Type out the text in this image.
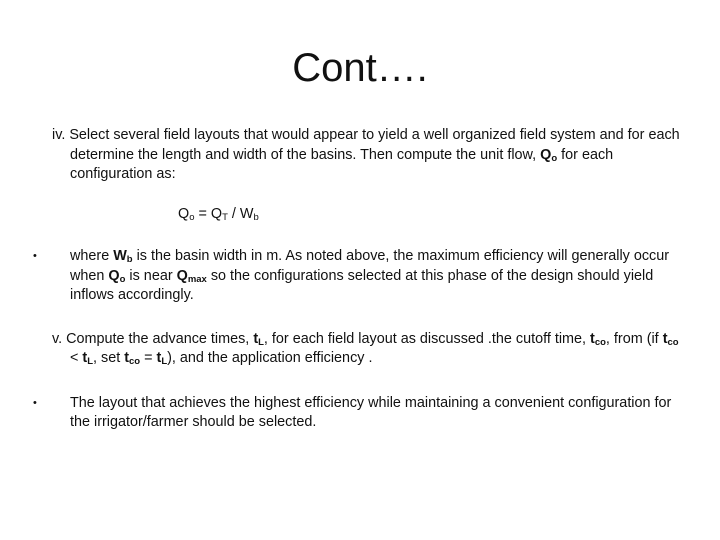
Cont….

iv. Select several field layouts that would appear to yield a well organized field system and for each determine the length and width of the basins. Then compute the unit flow, $Q_o$ for each configuration as:

$Q_o = Q_T / W_b$
•	where $W_b$ is the basin width in m. As noted above, the maximum efficiency will generally occur when $Q_o$ is near $Q_{max}$ so the configurations selected at this phase of the design should yield inflows accordingly.

v. Compute the advance times, $t_L$, for each field layout as discussed .the cutoff time, $t_{co}$, from (if $t_{co} < t_L$, set $t_{co} = t_L$), and the application efficiency .

•	The layout that achieves the highest efficiency while maintaining a convenient configuration for the irrigator/farmer should be selected.
